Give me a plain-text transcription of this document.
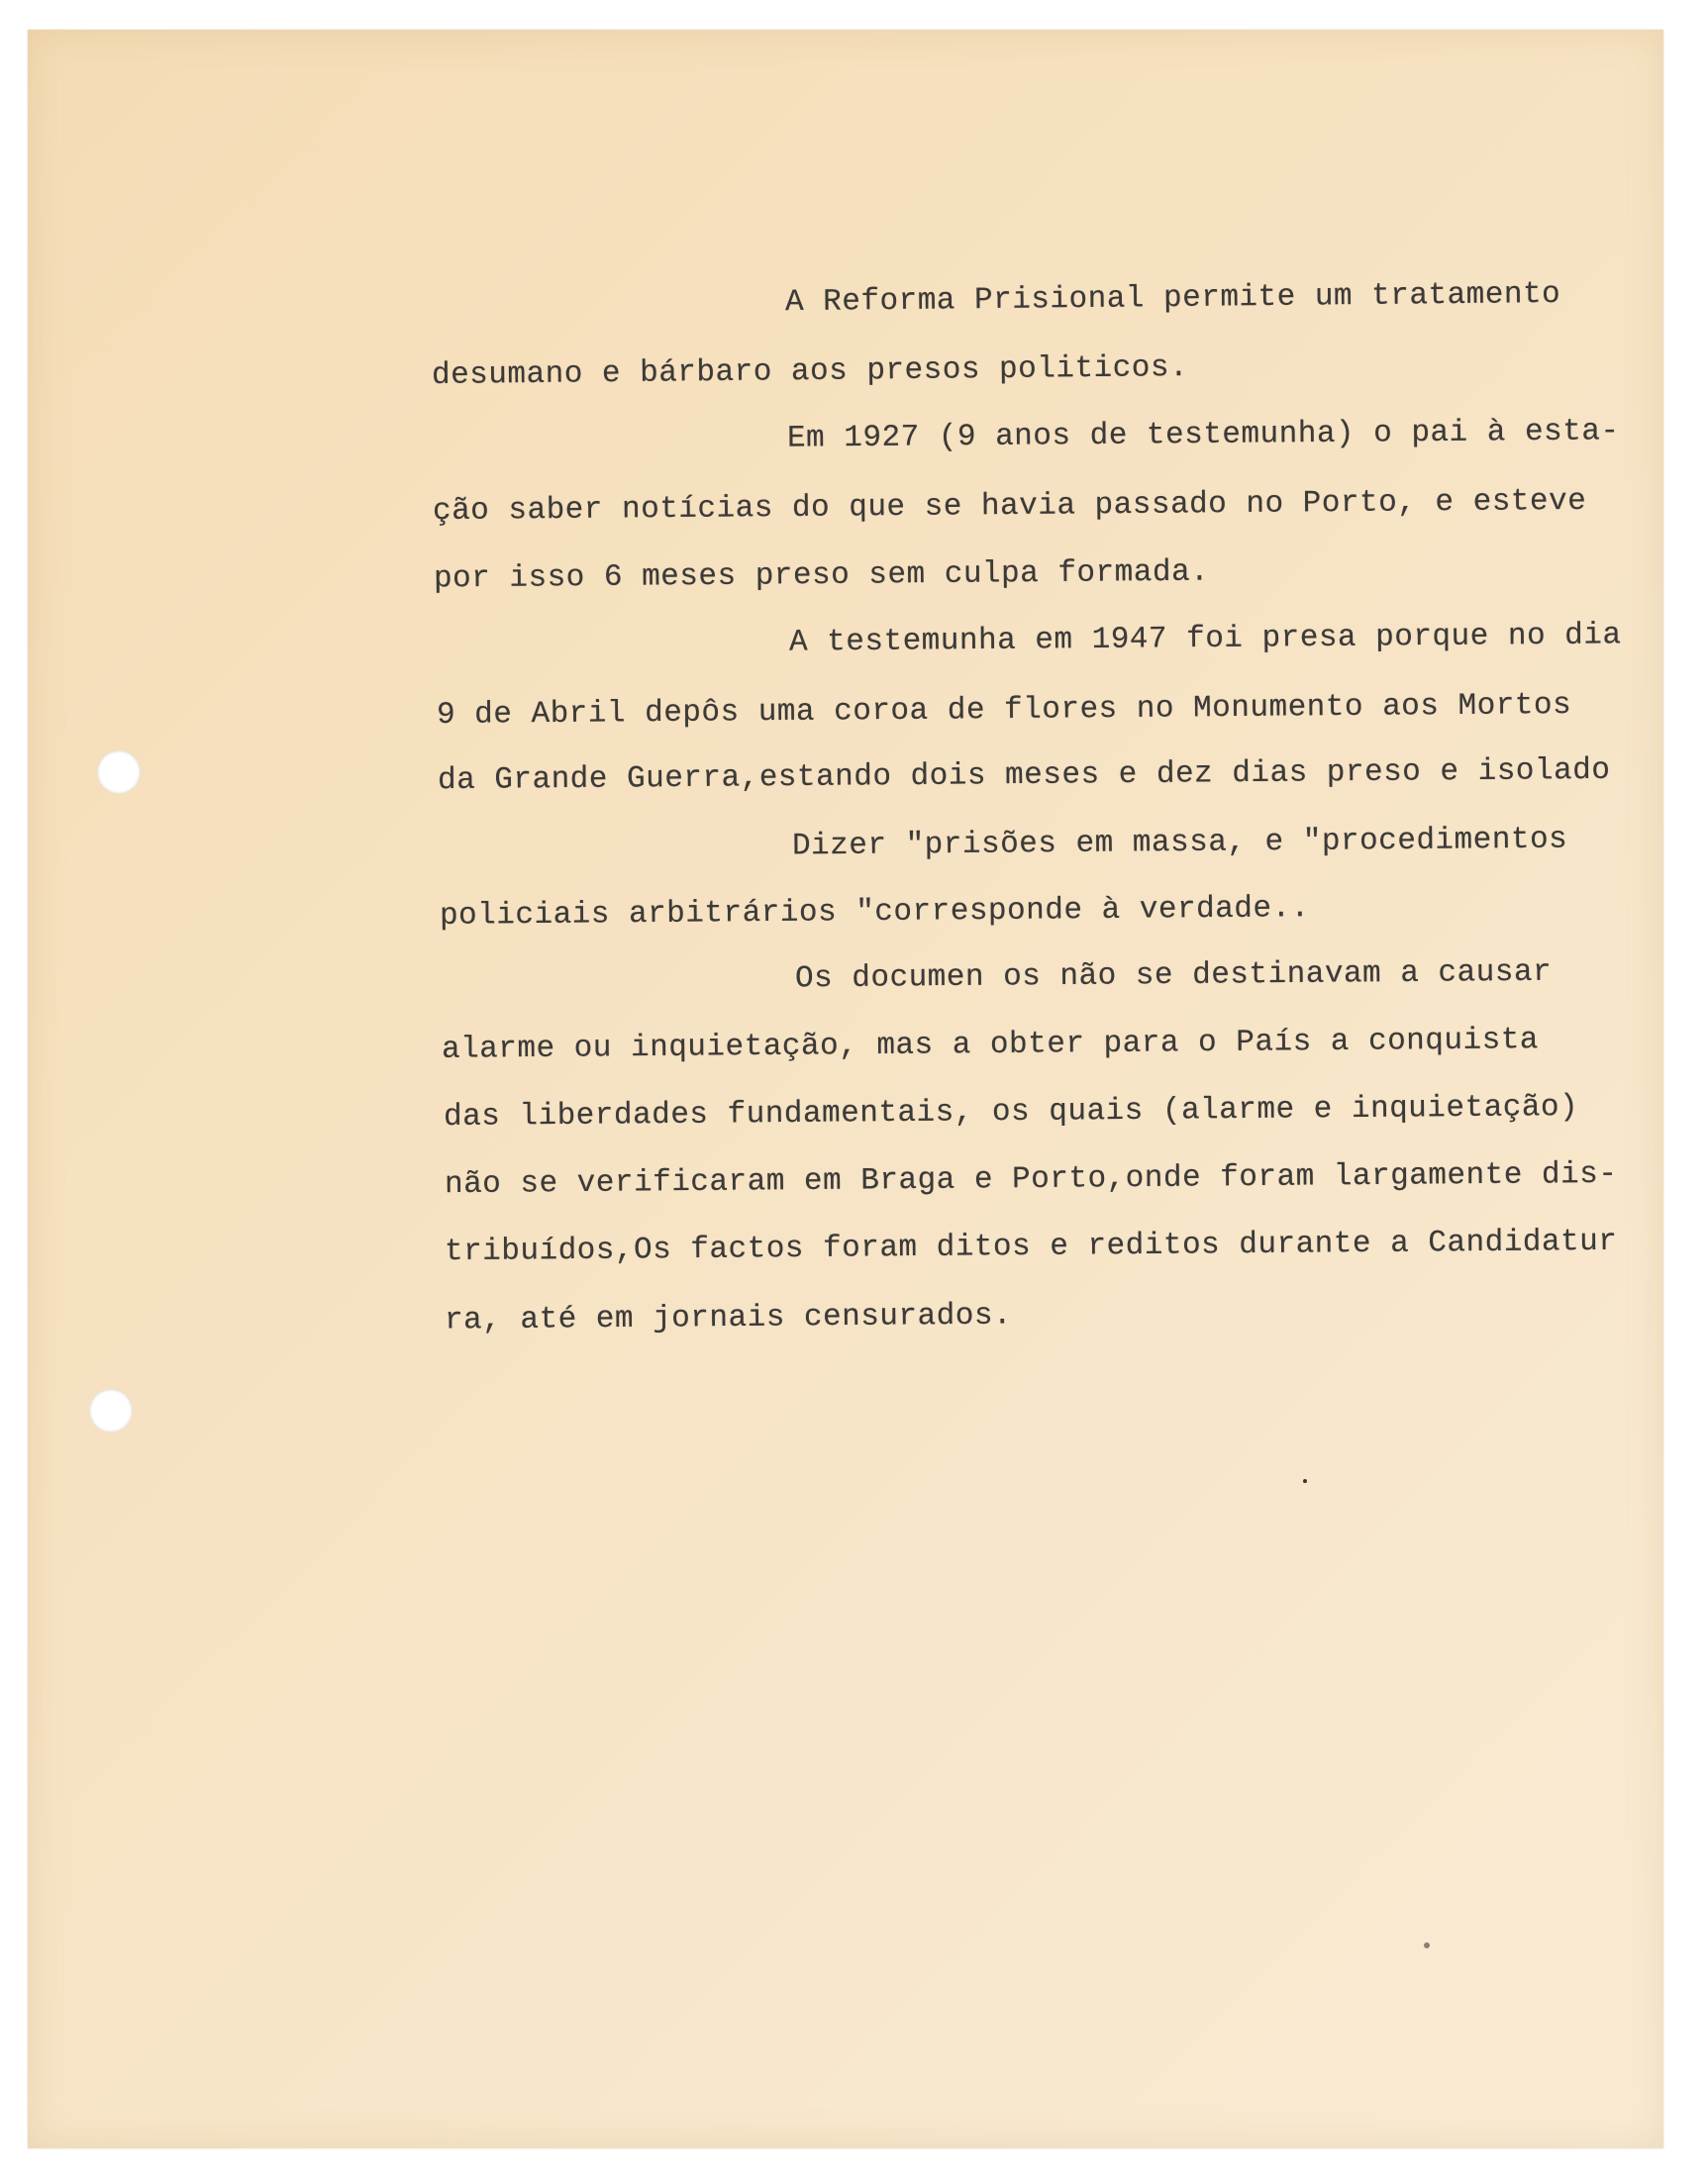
A Reforma Prisional permite um tratamento
desumano e bárbaro aos presos politicos.
Em 1927 (9 anos de testemunha) o pai à esta-
ção saber notícias do que se havia passado no Porto, e esteve
por isso 6 meses preso sem culpa formada.
A testemunha em 1947 foi presa porque no dia
9 de Abril depôs uma coroa de flores no Monumento aos Mortos
da Grande Guerra,estando dois meses e dez dias preso e isolado
Dizer "prisões em massa, e "procedimentos
policiais arbitrários "corresponde à verdade..
Os documen os não se destinavam a causar
alarme ou inquietação, mas a obter para o País a conquista
das liberdades fundamentais, os quais (alarme e inquietação)
não se verificaram em Braga e Porto,onde foram largamente dis-
tribuídos,Os factos foram ditos e reditos durante a Candidatur
ra, até em jornais censurados.
